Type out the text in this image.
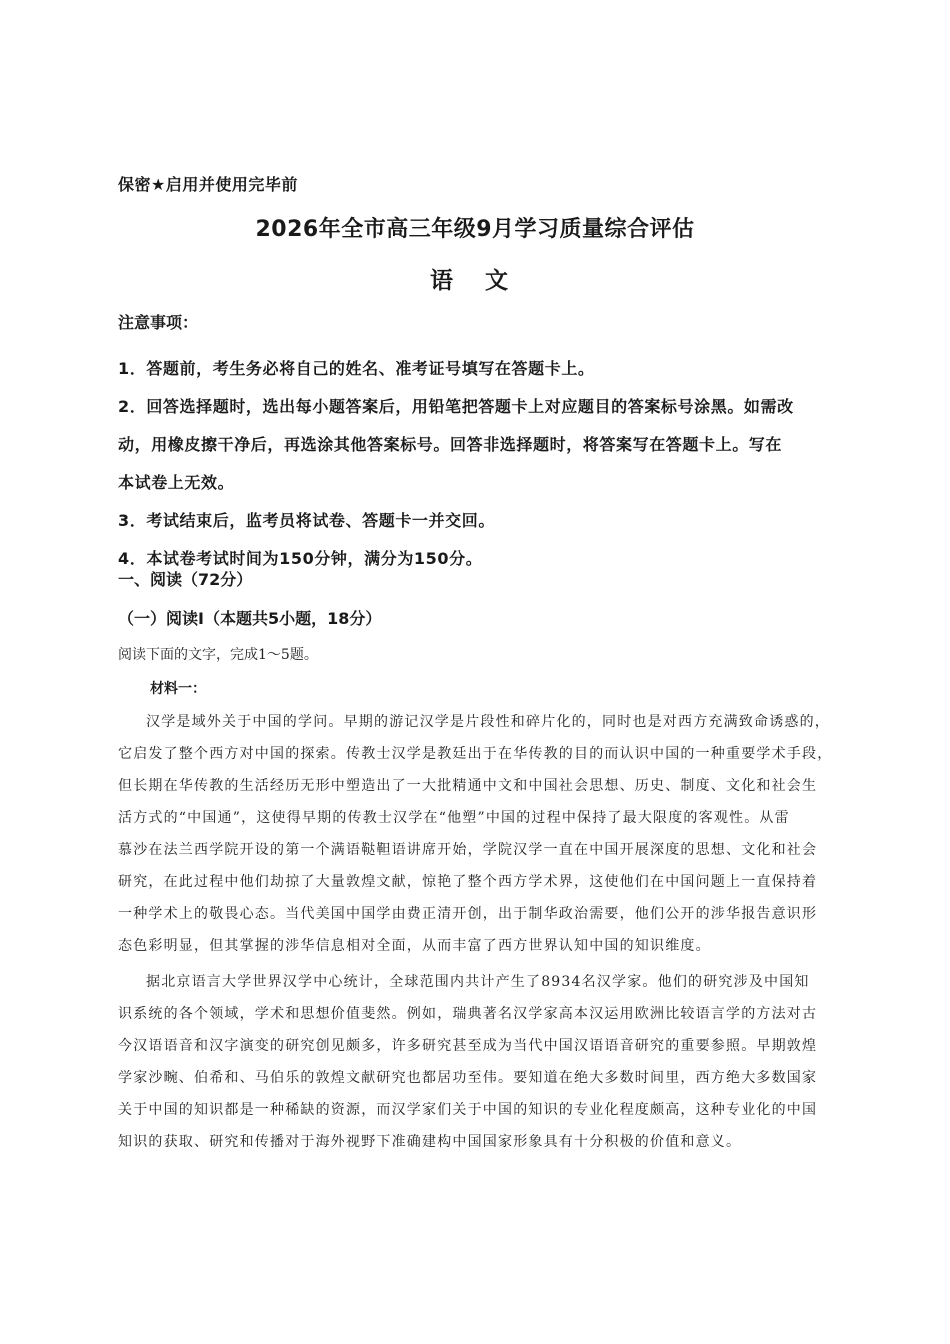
保密★启用并使用完毕前
2026年全市高三年级9月学习质量综合评估
语 文
注意事项：
1．答题前，考生务必将自己的姓名、准考证号填写在答题卡上。
2．回答选择题时，选出每小题答案后，用铅笔把答题卡上对应题目的答案标号涂黑。如需改
动，用橡皮擦干净后，再选涂其他答案标号。回答非选择题时，将答案写在答题卡上。写在
本试卷上无效。
3．考试结束后，监考员将试卷、答题卡一并交回。
4．本试卷考试时间为150分钟，满分为150分。
一、阅读（72分）
（一）阅读Ⅰ（本题共5小题，18分）
阅读下面的文字，完成1～5题。
材料一：
汉学是域外关于中国的学问。早期的游记汉学是片段性和碎片化的，同时也是对西方充满致命诱惑的，
它启发了整个西方对中国的探索。传教士汉学是教廷出于在华传教的目的而认识中国的一种重要学术手段，
但长期在华传教的生活经历无形中塑造出了一大批精通中文和中国社会思想、历史、制度、文化和社会生
活方式的“中国通”，这使得早期的传教士汉学在“他塑”中国的过程中保持了最大限度的客观性。从雷
慕沙在法兰西学院开设的第一个满语鞑靼语讲席开始，学院汉学一直在中国开展深度的思想、文化和社会
研究，在此过程中他们劫掠了大量敦煌文献，惊艳了整个西方学术界，这使他们在中国问题上一直保持着
一种学术上的敬畏心态。当代美国中国学由费正清开创，出于制华政治需要，他们公开的涉华报告意识形
态色彩明显，但其掌握的涉华信息相对全面，从而丰富了西方世界认知中国的知识维度。
据北京语言大学世界汉学中心统计，全球范围内共计产生了8934名汉学家。他们的研究涉及中国知
识系统的各个领域，学术和思想价值斐然。例如，瑞典著名汉学家高本汉运用欧洲比较语言学的方法对古
今汉语语音和汉字演变的研究创见颇多，许多研究甚至成为当代中国汉语语音研究的重要参照。早期敦煌
学家沙畹、伯希和、马伯乐的敦煌文献研究也都居功至伟。要知道在绝大多数时间里，西方绝大多数国家
关于中国的知识都是一种稀缺的资源，而汉学家们关于中国的知识的专业化程度颇高，这种专业化的中国
知识的获取、研究和传播对于海外视野下准确建构中国国家形象具有十分积极的价值和意义。
